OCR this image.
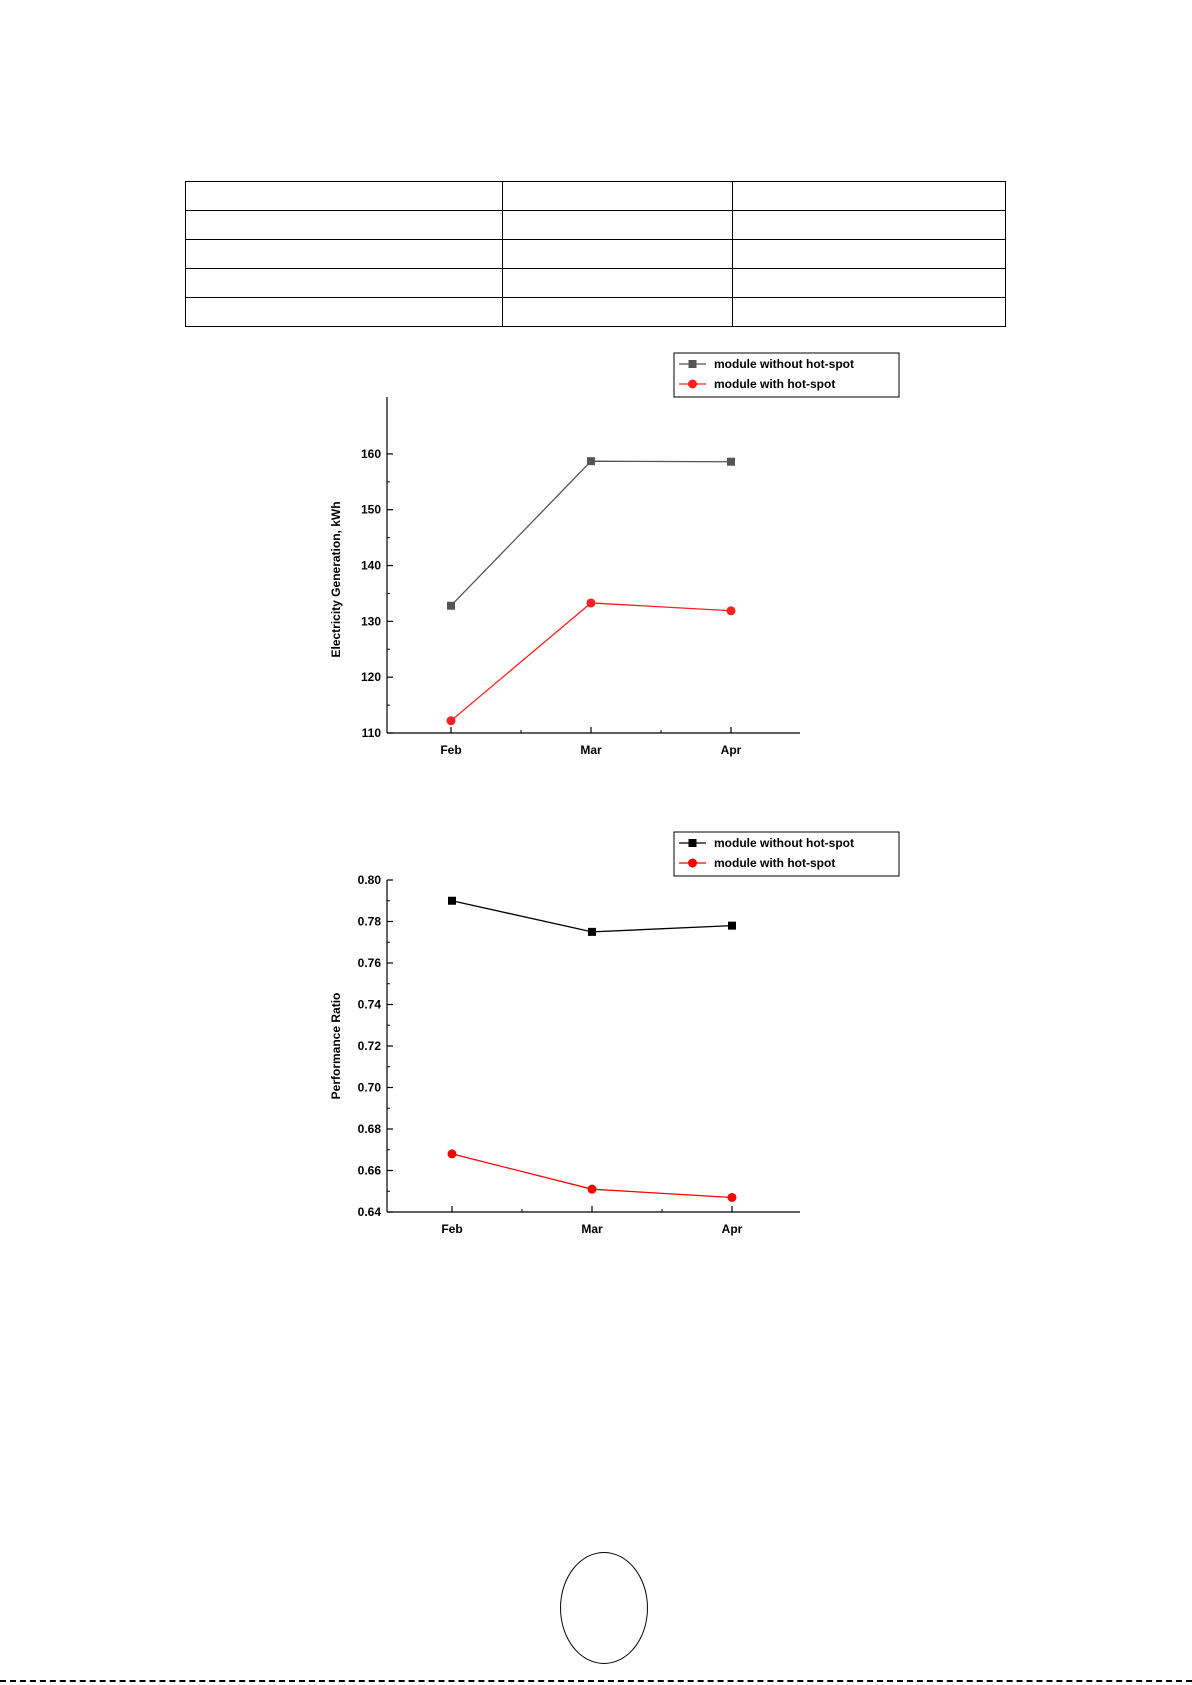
110
120
130
140
150
160
Feb	Mar	Apr
Electricity Generation, kWh
module without hot-spot
module with hot-spot
0.64
0.66
0.68
0.70
0.72
0.74
0.76
0.78
0.80
Feb	Mar	Apr
Performance Ratio
module without hot-spot
module with hot-spot
